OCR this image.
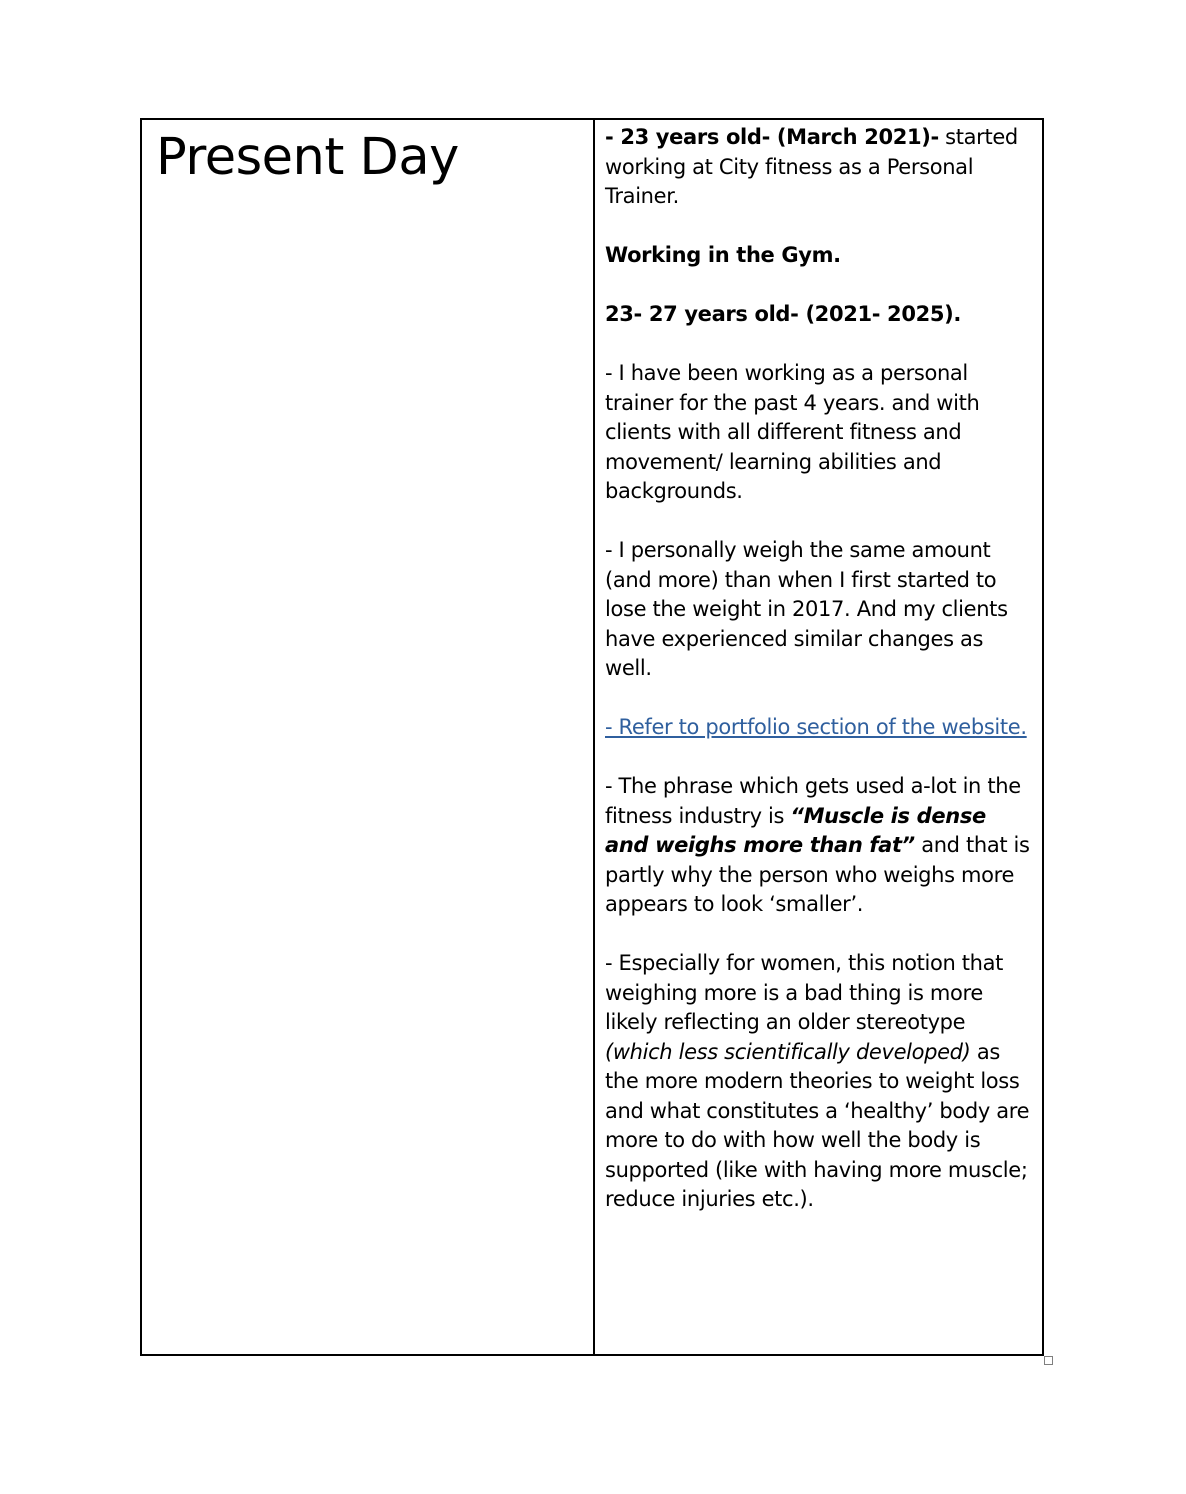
Present Day	- 23 years old- (March 2021)- started working at City fitness as a Personal Trainer.

Working in the Gym.

23- 27 years old- (2021- 2025).

- I have been working as a personal trainer for the past 4 years. and with clients with all different fitness and movement/ learning abilities and backgrounds.

- I personally weigh the same amount (and more) than when I first started to lose the weight in 2017. And my clients have experienced similar changes as well.

- Refer to portfolio section of the website.

- The phrase which gets used a-lot in the fitness industry is “Muscle is dense and weighs more than fat” and that is partly why the person who weighs more appears to look ‘smaller’.

- Especially for women, this notion that weighing more is a bad thing is more likely reflecting an older stereotype (which less scientifically developed) as the more modern theories to weight loss and what constitutes a ‘healthy’ body are more to do with how well the body is supported (like with having more muscle; reduce injuries etc.).
